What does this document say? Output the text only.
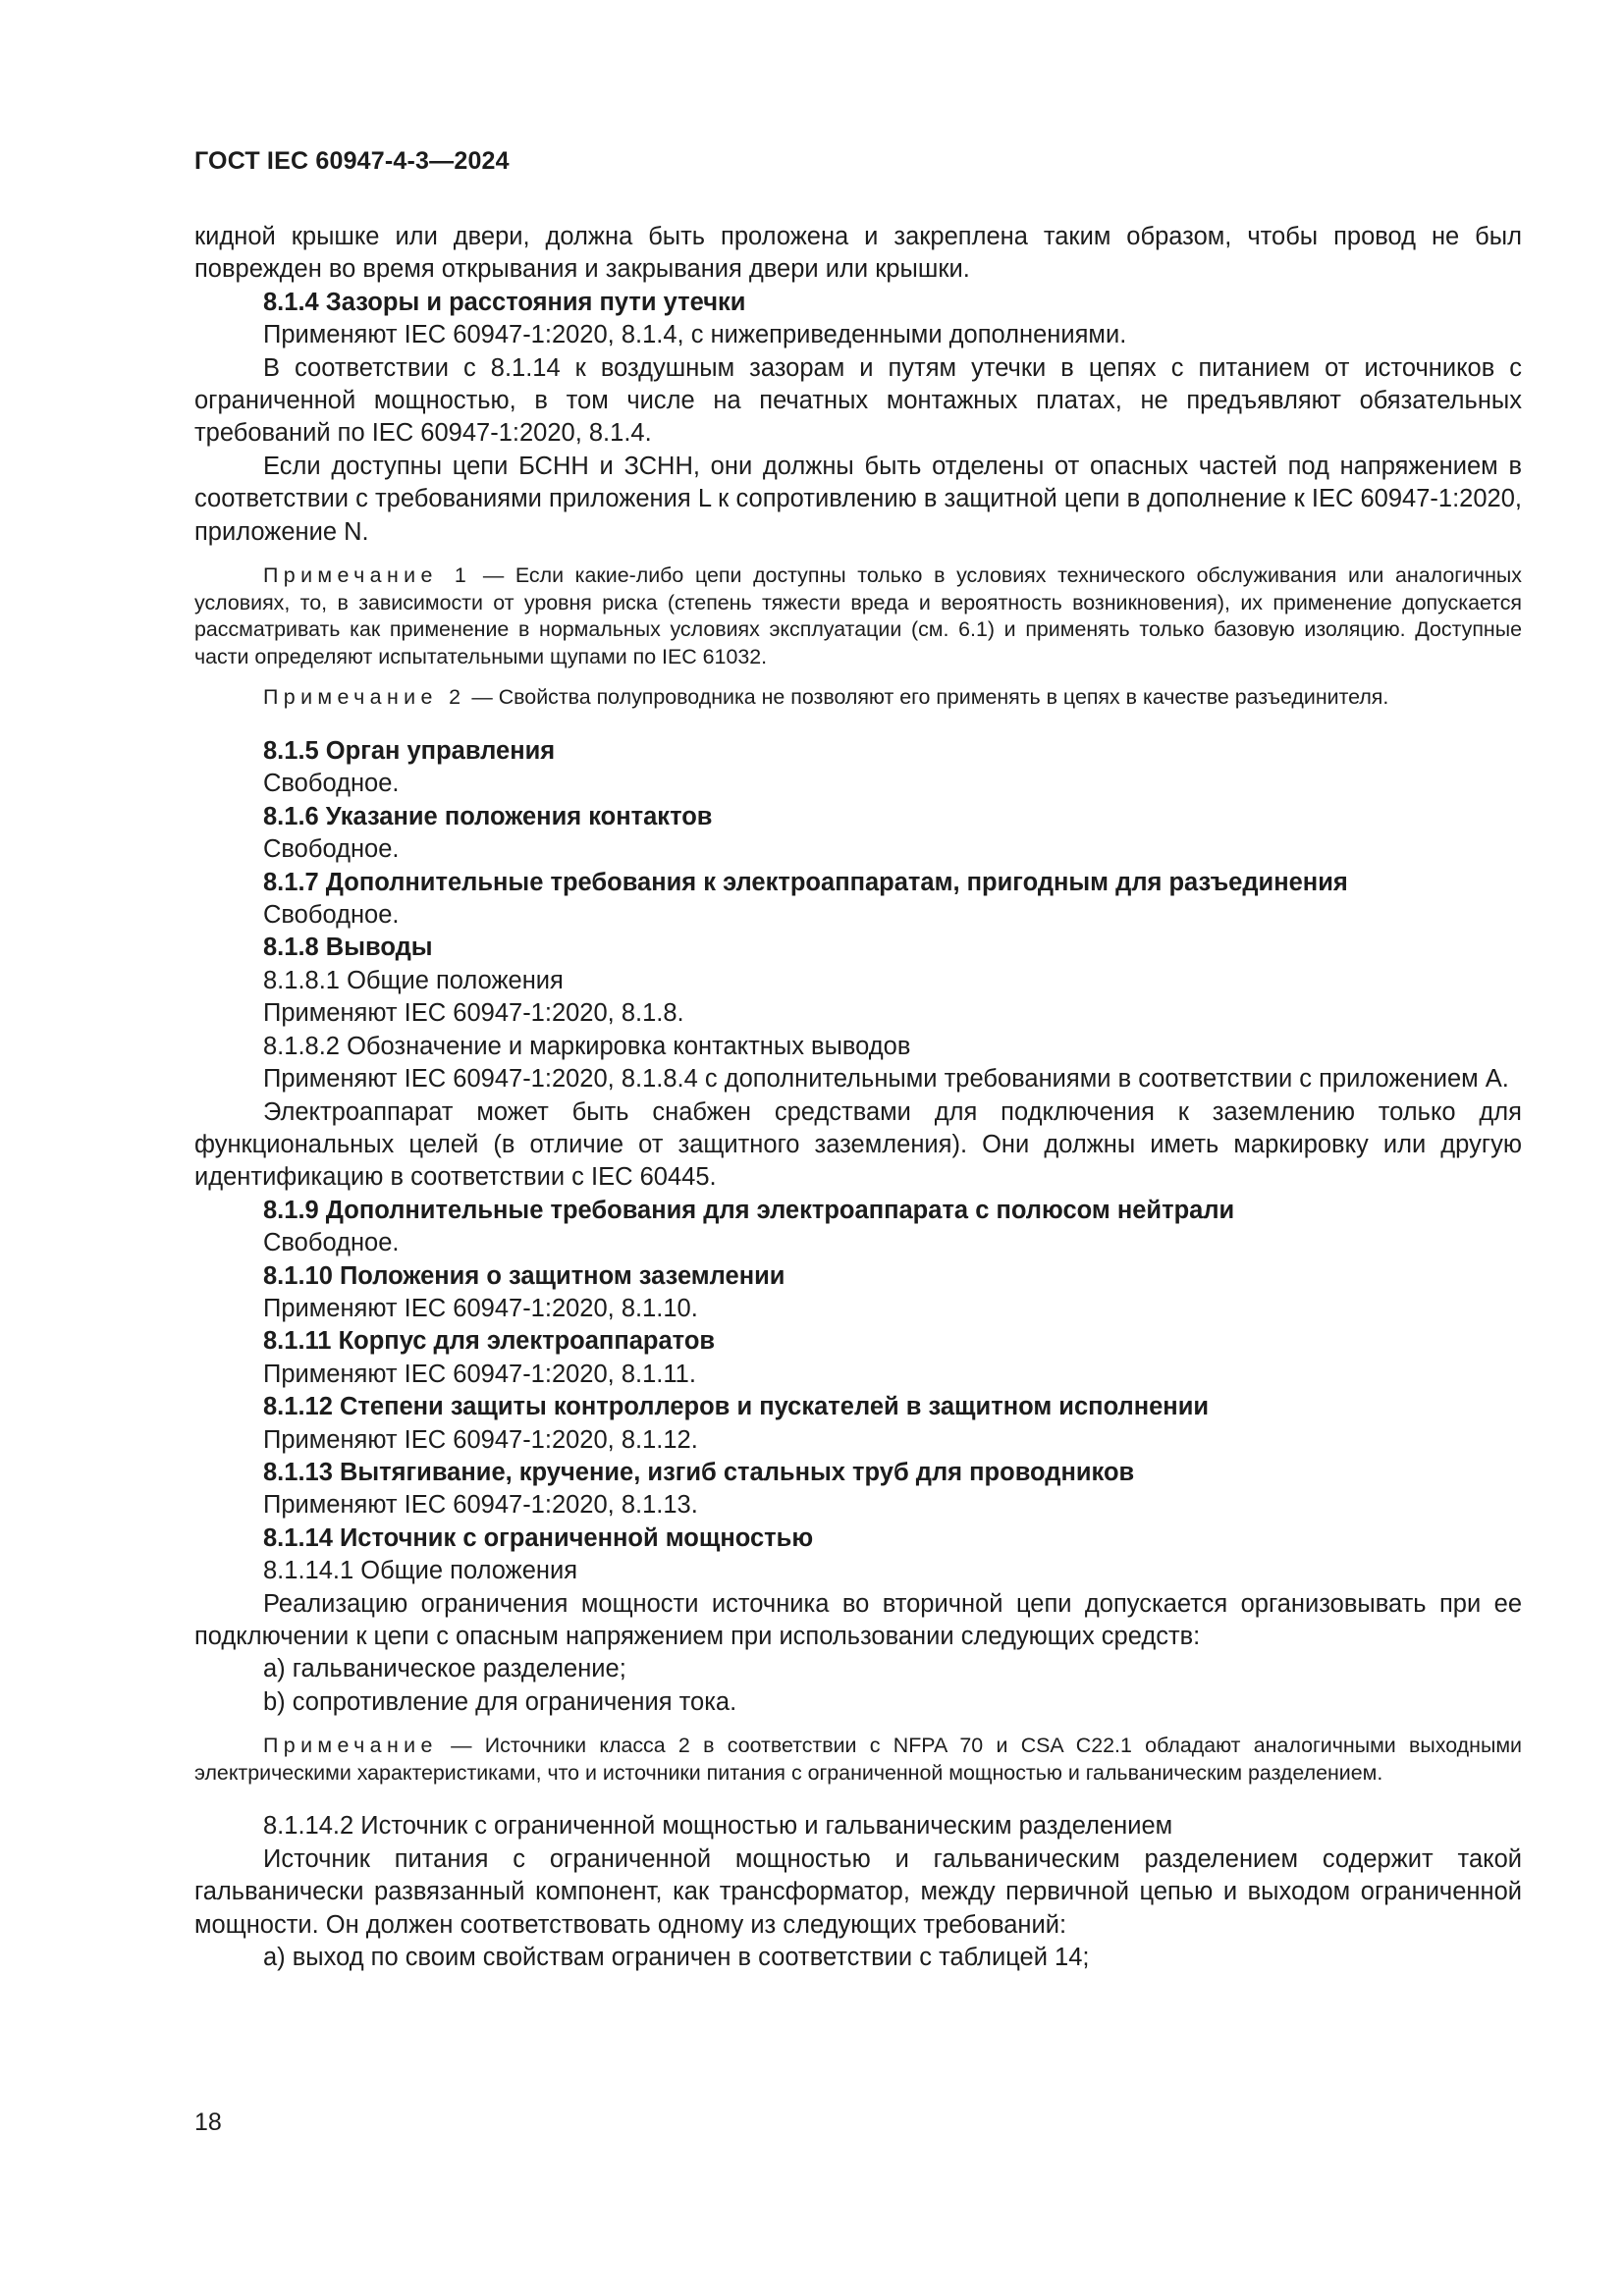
ГОСТ IEC 60947-4-3—2024

кидной крышке или двери, должна быть проложена и закреплена таким образом, чтобы провод не был поврежден во время открывания и закрывания двери или крышки.

8.1.4 Зазоры и расстояния пути утечки

Применяют IEC 60947-1:2020, 8.1.4, с нижеприведенными дополнениями.

В соответствии с 8.1.14 к воздушным зазорам и путям утечки в цепях с питанием от источников с ограниченной мощностью, в том числе на печатных монтажных платах, не предъявляют обязательных требований по IEC 60947-1:2020, 8.1.4.

Если доступны цепи БСНН и ЗСНН, они должны быть отделены от опасных частей под напряжением в соответствии с требованиями приложения L к сопротивлению в защитной цепи в дополнение к IEC 60947-1:2020, приложение N.

Примечание 1 — Если какие-либо цепи доступны только в условиях технического обслуживания или аналогичных условиях, то, в зависимости от уровня риска (степень тяжести вреда и вероятность возникновения), их применение допускается рассматривать как применение в нормальных условиях эксплуатации (см. 6.1) и применять только базовую изоляцию. Доступные части определяют испытательными щупами по IEC 61032.

Примечание 2 — Свойства полупроводника не позволяют его применять в цепях в качестве разъединителя.

8.1.5 Орган управления

Свободное.

8.1.6 Указание положения контактов

Свободное.

8.1.7 Дополнительные требования к электроаппаратам, пригодным для разъединения

Свободное.

8.1.8 Выводы

8.1.8.1 Общие положения

Применяют IEC 60947-1:2020, 8.1.8.

8.1.8.2 Обозначение и маркировка контактных выводов

Применяют IEC 60947-1:2020, 8.1.8.4 с дополнительными требованиями в соответствии с приложением А.

Электроаппарат может быть снабжен средствами для подключения к заземлению только для функциональных целей (в отличие от защитного заземления). Они должны иметь маркировку или другую идентификацию в соответствии с IEC 60445.

8.1.9 Дополнительные требования для электроаппарата с полюсом нейтрали

Свободное.

8.1.10 Положения о защитном заземлении

Применяют IEC 60947-1:2020, 8.1.10.

8.1.11 Корпус для электроаппаратов

Применяют IEC 60947-1:2020, 8.1.11.

8.1.12 Степени защиты контроллеров и пускателей в защитном исполнении

Применяют IEC 60947-1:2020, 8.1.12.

8.1.13 Вытягивание, кручение, изгиб стальных труб для проводников

Применяют IEC 60947-1:2020, 8.1.13.

8.1.14 Источник с ограниченной мощностью

8.1.14.1 Общие положения

Реализацию ограничения мощности источника во вторичной цепи допускается организовывать при ее подключении к цепи с опасным напряжением при использовании следующих средств:

a) гальваническое разделение;

b) сопротивление для ограничения тока.

Примечание — Источники класса 2 в соответствии с NFPA 70 и CSA C22.1 обладают аналогичными выходными электрическими характеристиками, что и источники питания с ограниченной мощностью и гальваническим разделением.

8.1.14.2 Источник с ограниченной мощностью и гальваническим разделением

Источник питания с ограниченной мощностью и гальваническим разделением содержит такой гальванически развязанный компонент, как трансформатор, между первичной цепью и выходом ограниченной мощности. Он должен соответствовать одному из следующих требований:

a) выход по своим свойствам ограничен в соответствии с таблицей 14;

18
